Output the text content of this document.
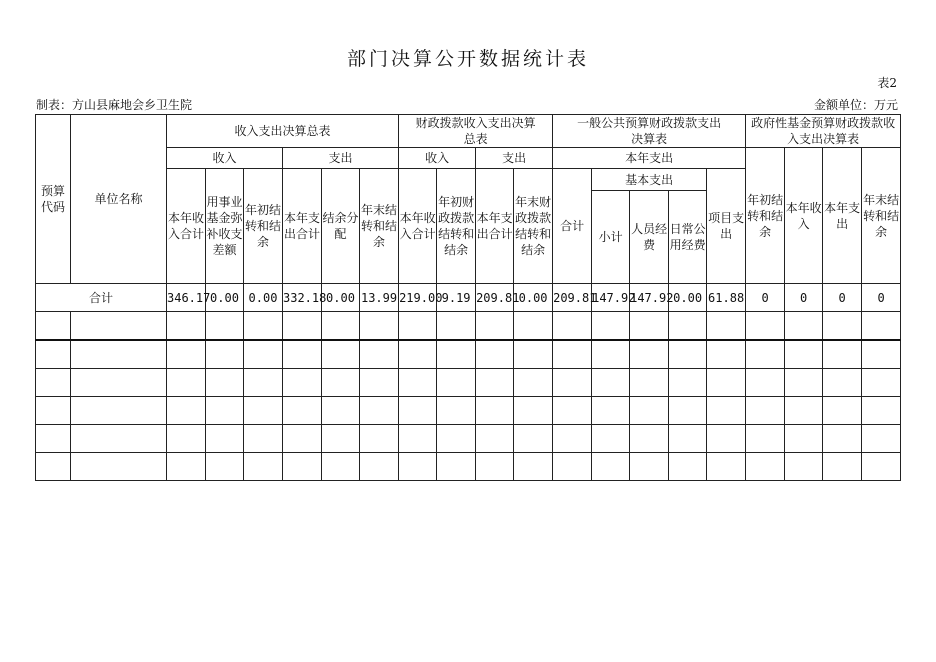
部门决算公开数据统计表
表2
制表：方山县麻地会乡卫生院	金额单位：万元
预算代码	单位名称	收入支出决算总表						财政拨款收入支出决算总表				一般公共预算财政拨款支出决算表					政府性基金预算财政拨款收入支出决算表			
		收入			支出			收入		支出		本年支出					年初结转和结余	本年收入	本年支出	年末结转和结余
		本年收入合计	用事业基金弥补收支差额	年初结转和结余	本年支出合计	结余分配	年末结转和结余	本年收入合计	年初财政拨款结转和结余	本年支出合计	年末财政拨款结转和结余	合计	基本支出			项目支出				
													小计	人员经费	日常公用经费					
合计		346.17	0.00	0.00	332.18	0.00	13.99	219.00	9.19	209.81	0.00	209.81	147.92	147.92	0.00	61.88	0	0	0	0
